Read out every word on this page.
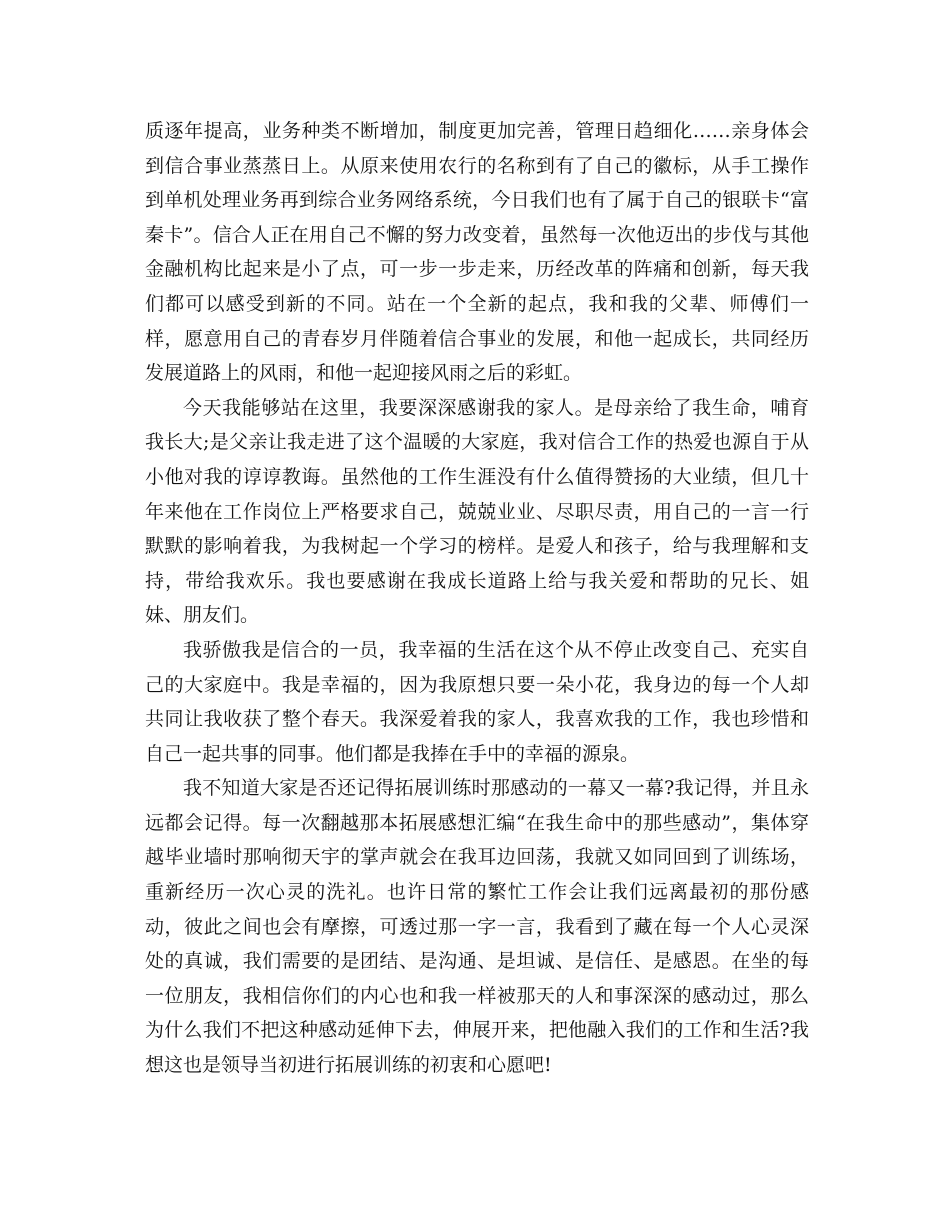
质逐年提高，业务种类不断增加，制度更加完善，管理日趋细化……亲身体会到信合事业蒸蒸日上。从原来使用农行的名称到有了自己的徽标，从手工操作到单机处理业务再到综合业务网络系统，今日我们也有了属于自己的银联卡“富秦卡”。信合人正在用自己不懈的努力改变着，虽然每一次他迈出的步伐与其他金融机构比起来是小了点，可一步一步走来，历经改革的阵痛和创新，每天我们都可以感受到新的不同。站在一个全新的起点，我和我的父辈、师傅们一样，愿意用自己的青春岁月伴随着信合事业的发展，和他一起成长，共同经历发展道路上的风雨，和他一起迎接风雨之后的彩虹。

今天我能够站在这里，我要深深感谢我的家人。是母亲给了我生命，哺育我长大;是父亲让我走进了这个温暖的大家庭，我对信合工作的热爱也源自于从小他对我的谆谆教诲。虽然他的工作生涯没有什么值得赞扬的大业绩，但几十年来他在工作岗位上严格要求自己，兢兢业业、尽职尽责，用自己的一言一行默默的影响着我，为我树起一个学习的榜样。是爱人和孩子，给与我理解和支持，带给我欢乐。我也要感谢在我成长道路上给与我关爱和帮助的兄长、姐妹、朋友们。

我骄傲我是信合的一员，我幸福的生活在这个从不停止改变自己、充实自己的大家庭中。我是幸福的，因为我原想只要一朵小花，我身边的每一个人却共同让我收获了整个春天。我深爱着我的家人，我喜欢我的工作，我也珍惜和自己一起共事的同事。他们都是我捧在手中的幸福的源泉。

我不知道大家是否还记得拓展训练时那感动的一幕又一幕?我记得，并且永远都会记得。每一次翻越那本拓展感想汇编“在我生命中的那些感动”，集体穿越毕业墙时那响彻天宇的掌声就会在我耳边回荡，我就又如同回到了训练场，重新经历一次心灵的洗礼。也许日常的繁忙工作会让我们远离最初的那份感动，彼此之间也会有摩擦，可透过那一字一言，我看到了藏在每一个人心灵深处的真诚，我们需要的是团结、是沟通、是坦诚、是信任、是感恩。在坐的每一位朋友，我相信你们的内心也和我一样被那天的人和事深深的感动过，那么为什么我们不把这种感动延伸下去，伸展开来，把他融入我们的工作和生活?我想这也是领导当初进行拓展训练的初衷和心愿吧!
